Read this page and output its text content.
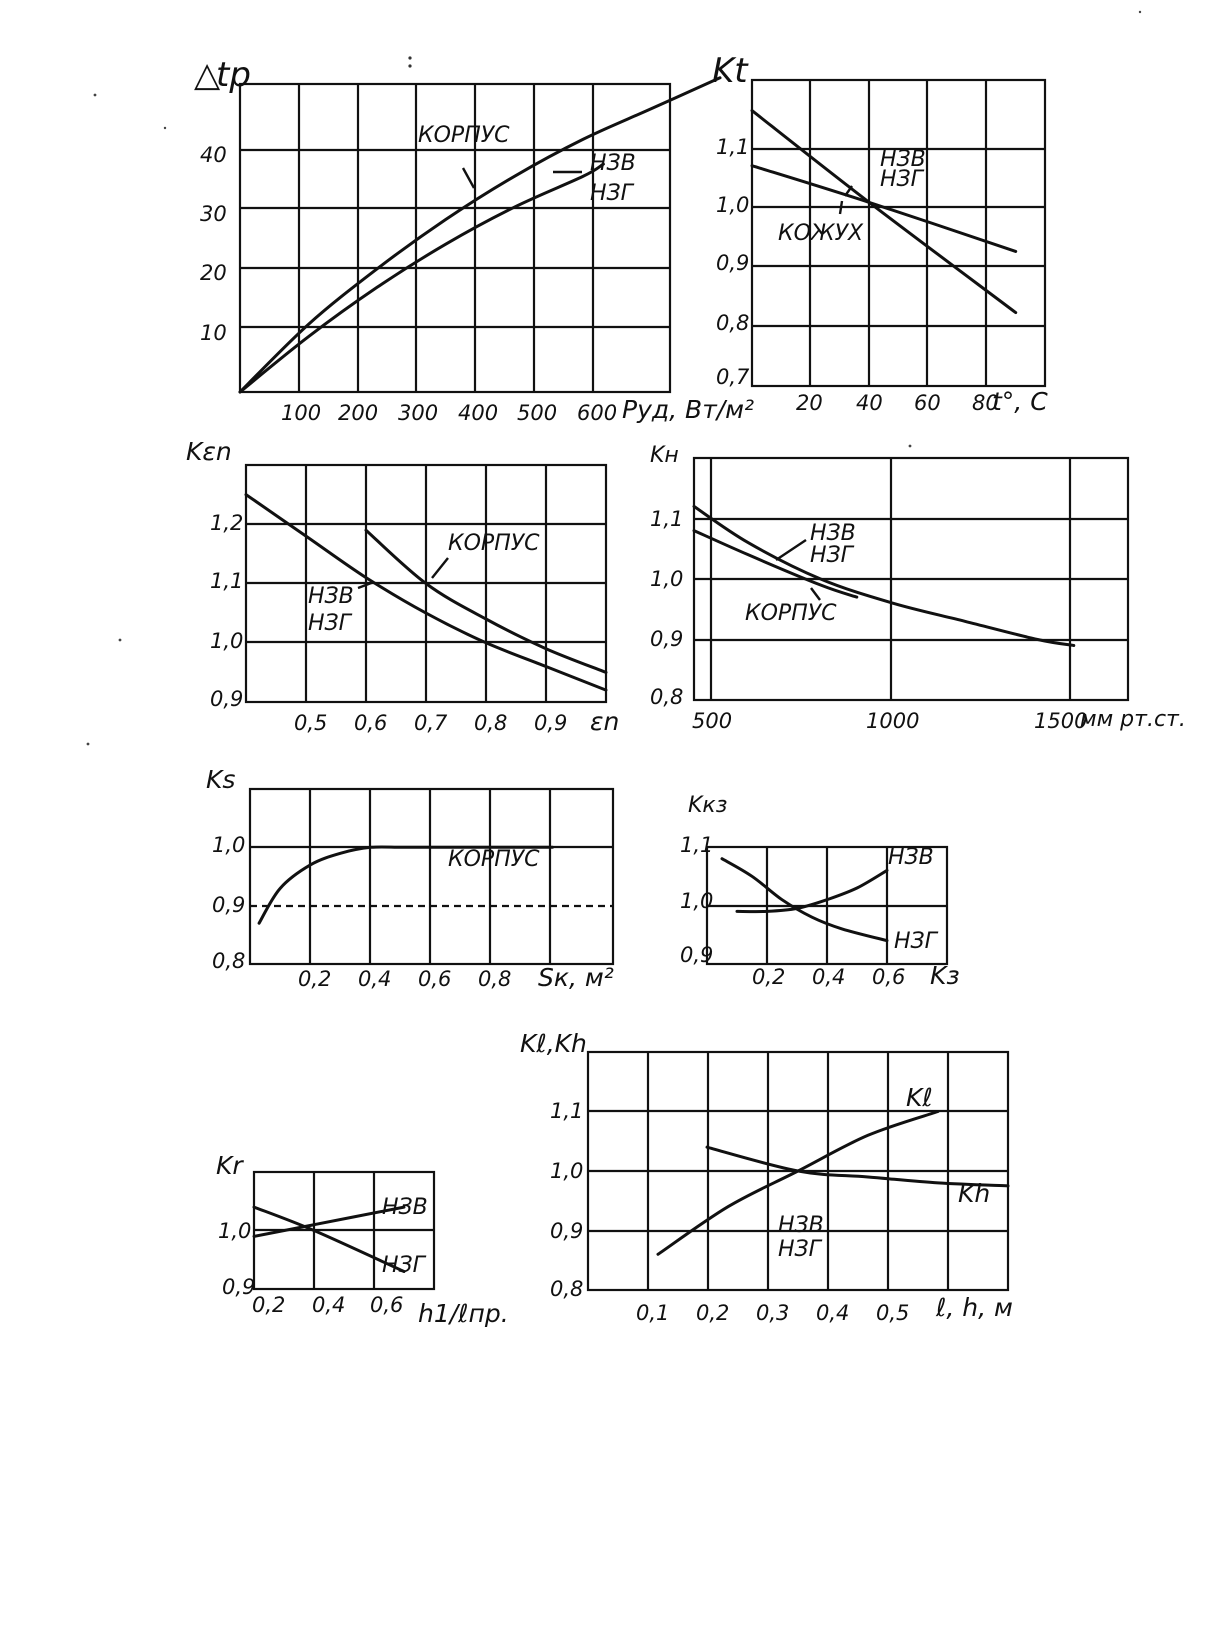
△
tp
Pуд, Вт/м²
КОРПУС
НЗВ
НЗГ
100 200 300 400 500 600
10
20
30
40
Kt
t°, C
НЗВ
НЗГ
КОЖУХ
20 40 60 80
0,7
0,8
0,9
1,0
1,1
Kεn
εn
КОРПУС
НЗВ
НЗГ
0,5 0,6 0,7 0,8 0,9
0,9
1,0
1,1
1,2
Kн
мм рт.ст.
НЗВ
НЗГ
КОРПУС
500	1000	1500
0,8
0,9
1,0
1,1
Ks
Sк, м²
КОРПУС
0,2 0,4 0,6 0,8
0,8
0,9
1,0
Kкз
Kз
НЗВ
НЗГ
0,2 0,4 0,6
0,9
1,0
1,1
Kr
h1/ℓпр.
НЗВ
НЗГ
0,2 0,4 0,6
0,9
1,0
Kℓ,Kh
ℓ, h, м
Kℓ
Kh
НЗВ
НЗГ
0,1 0,2 0,3 0,4 0,5
0,8
0,9
1,0
1,1
